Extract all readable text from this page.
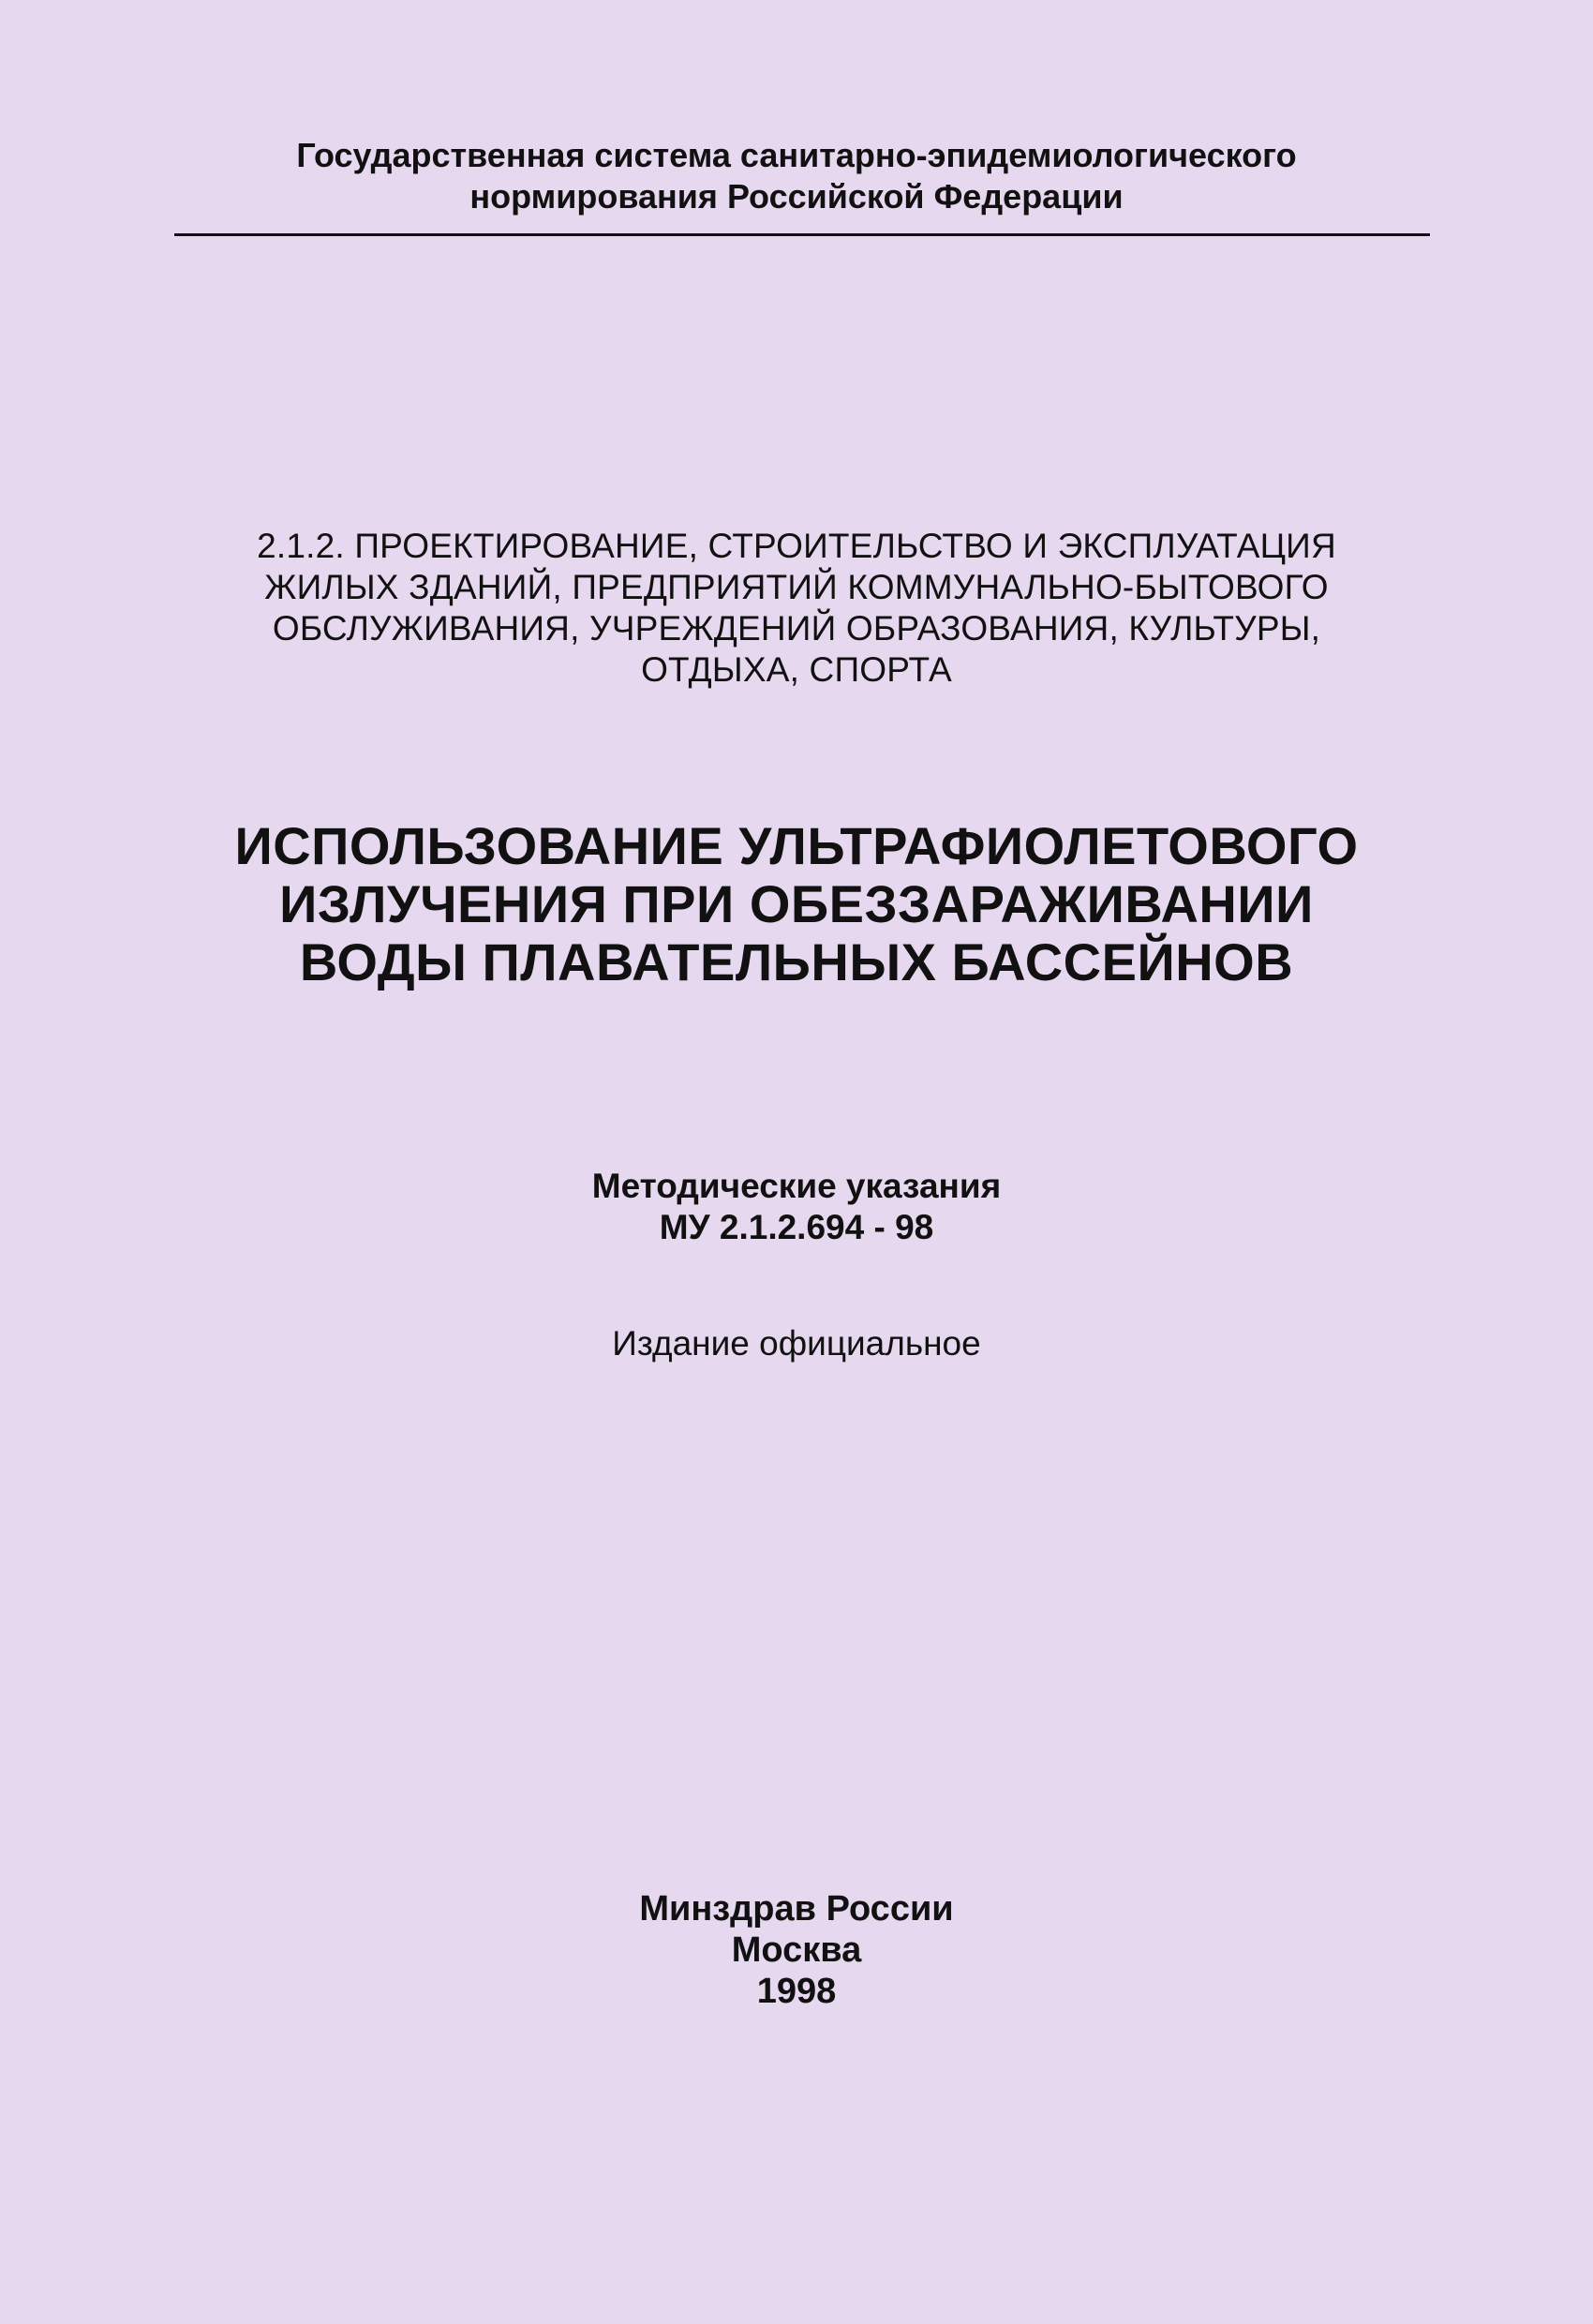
Государственная система санитарно-эпидемиологического
нормирования Российской Федерации
2.1.2. ПРОЕКТИРОВАНИЕ, СТРОИТЕЛЬСТВО И ЭКСПЛУАТАЦИЯ
ЖИЛЫХ ЗДАНИЙ, ПРЕДПРИЯТИЙ КОММУНАЛЬНО-БЫТОВОГО
ОБСЛУЖИВАНИЯ, УЧРЕЖДЕНИЙ ОБРАЗОВАНИЯ, КУЛЬТУРЫ,
ОТДЫХА, СПОРТА
ИСПОЛЬЗОВАНИЕ УЛЬТРАФИОЛЕТОВОГО
ИЗЛУЧЕНИЯ ПРИ ОБЕЗЗАРАЖИВАНИИ
ВОДЫ ПЛАВАТЕЛЬНЫХ БАССЕЙНОВ
Методические указания
МУ 2.1.2.694 - 98
Издание официальное
Минздрав России
Москва
1998
